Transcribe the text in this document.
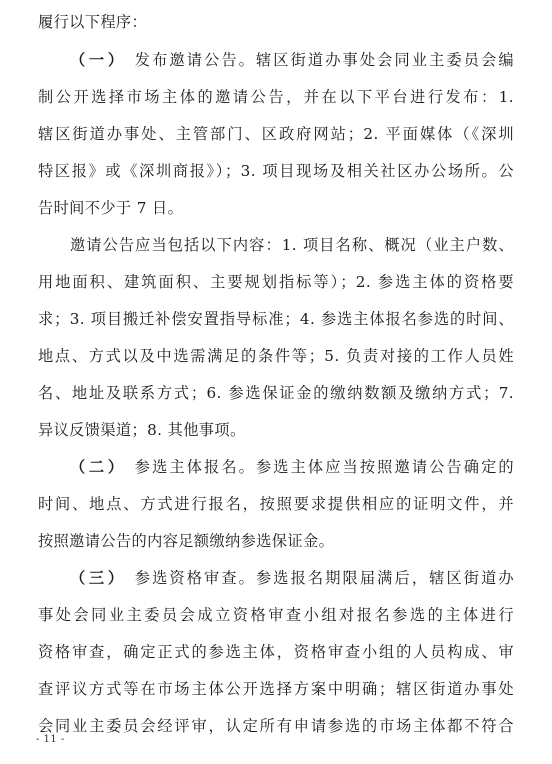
履行以下程序：
（一） 发布邀请公告。辖区街道办事处会同业主委员会编
制公开选择市场主体的邀请公告，并在以下平台进行发布：1.
辖区街道办事处、主管部门、区政府网站；2. 平面媒体（《深圳
特区报》或《深圳商报》）；3. 项目现场及相关社区办公场所。公
告时间不少于 7 日。
邀请公告应当包括以下内容：1. 项目名称、概况（业主户数、
用地面积、建筑面积、主要规划指标等）；2. 参选主体的资格要
求；3. 项目搬迁补偿安置指导标准；4. 参选主体报名参选的时间、
地点、方式以及中选需满足的条件等；5. 负责对接的工作人员姓
名、地址及联系方式；6. 参选保证金的缴纳数额及缴纳方式；7.
异议反馈渠道；8. 其他事项。
（二） 参选主体报名。参选主体应当按照邀请公告确定的
时间、地点、方式进行报名，按照要求提供相应的证明文件，并
按照邀请公告的内容足额缴纳参选保证金。
（三） 参选资格审查。参选报名期限届满后，辖区街道办
事处会同业主委员会成立资格审查小组对报名参选的主体进行
资格审查，确定正式的参选主体，资格审查小组的人员构成、审
查评议方式等在市场主体公开选择方案中明确；辖区街道办事处
会同业主委员会经评审，认定所有申请参选的市场主体都不符合
- 11 -
